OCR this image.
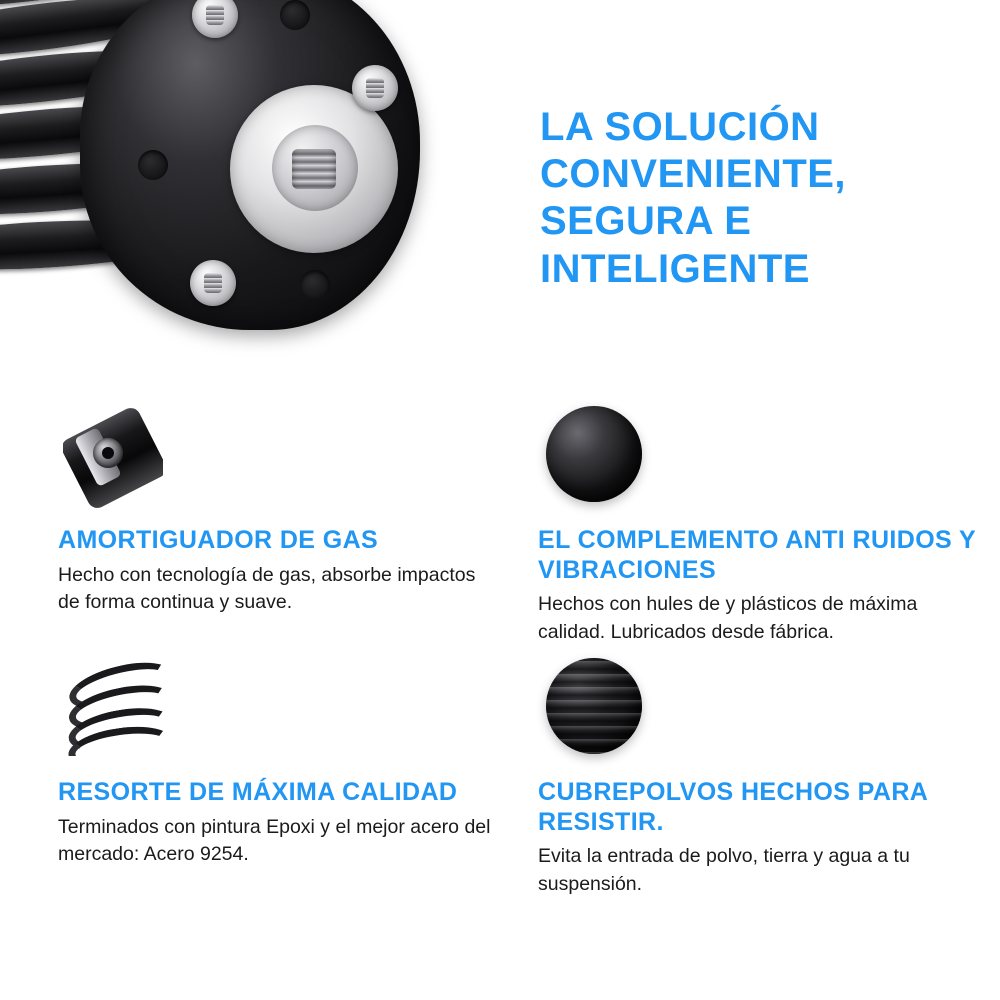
LA SOLUCIÓN CONVENIENTE, SEGURA E INTELIGENTE
AMORTIGUADOR DE GAS
Hecho con tecnología de gas, absorbe impactos de forma continua y suave.
EL COMPLEMENTO ANTI RUIDOS Y VIBRACIONES
Hechos con hules de y plásticos de máxima calidad. Lubricados desde fábrica.
RESORTE DE MÁXIMA CALIDAD
Terminados con pintura Epoxi y el mejor acero del mercado: Acero 9254.
CUBREPOLVOS HECHOS PARA RESISTIR.
Evita la entrada de polvo, tierra y agua a tu suspensión.
